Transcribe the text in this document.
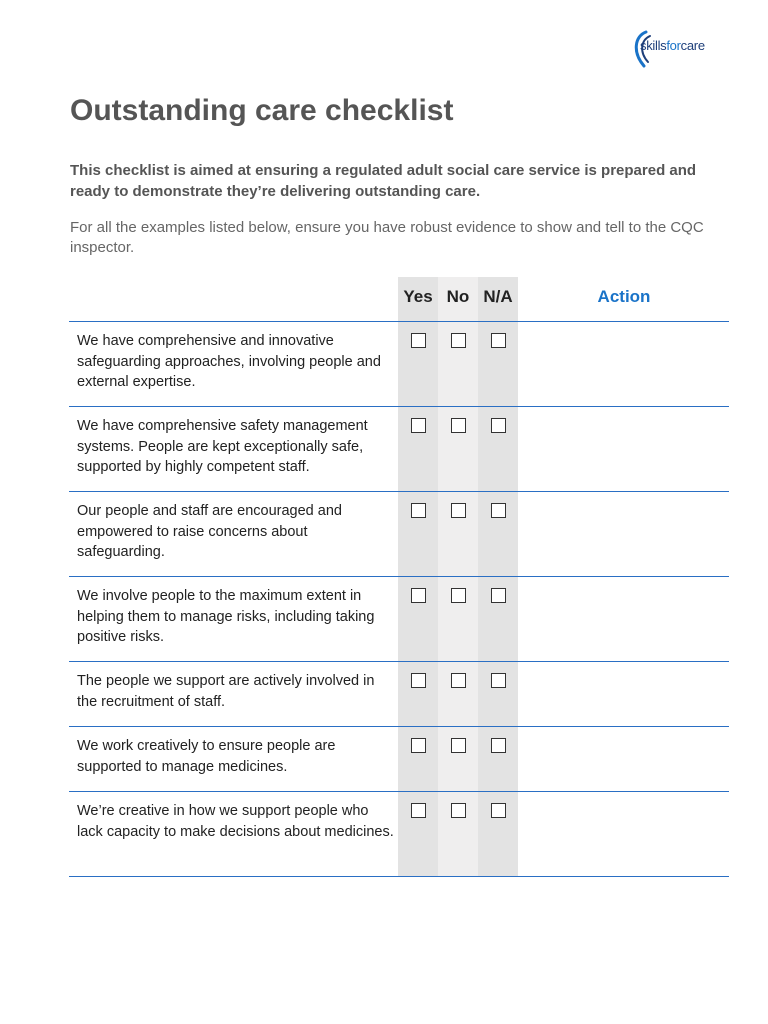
skillsforcare
Outstanding care checklist

This checklist is aimed at ensuring a regulated adult social care service is prepared and ready to demonstrate they’re delivering outstanding care.

For all the examples listed below, ensure you have robust evidence to show and tell to the CQC inspector.

Yes No N/A	Action
We have comprehensive and innovative safeguarding approaches, involving people and external expertise.
We have comprehensive safety management systems. People are kept exceptionally safe, supported by highly competent staff.
Our people and staff are encouraged and empowered to raise concerns about safeguarding.
We involve people to the maximum extent in helping them to manage risks, including taking positive risks.
The people we support are actively involved in the recruitment of staff.
We work creatively to ensure people are supported to manage medicines.
We’re creative in how we support people who lack capacity to make decisions about medicines.
